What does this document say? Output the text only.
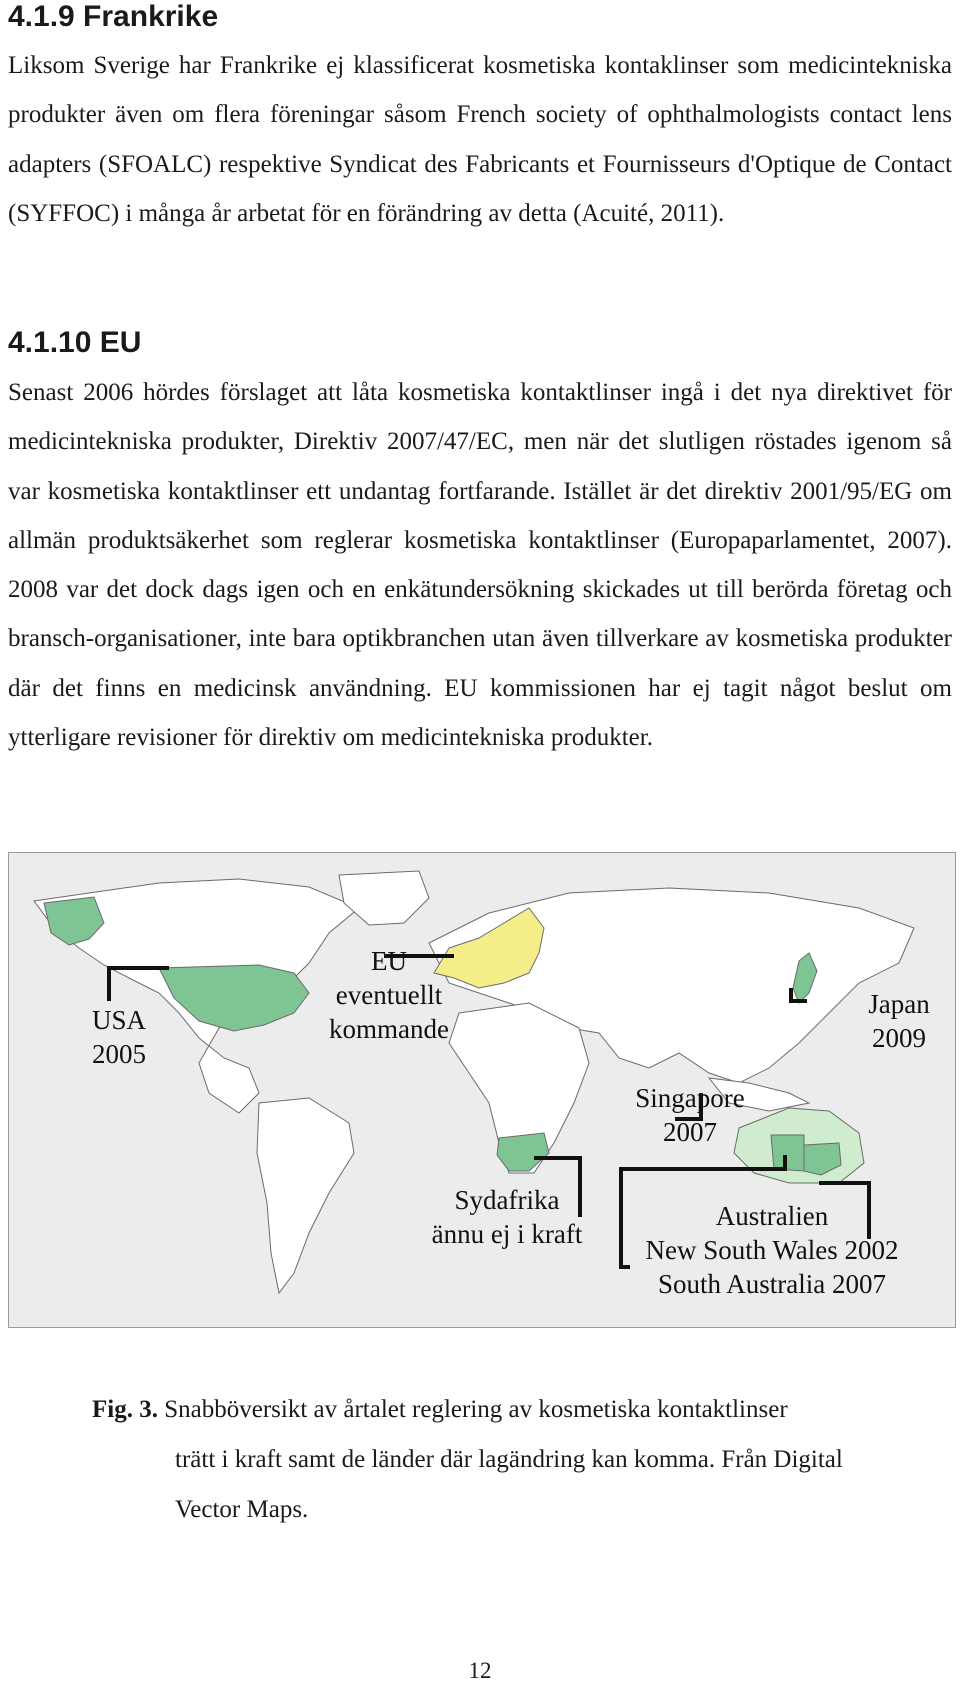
4.1.9 Frankrike

Liksom Sverige har Frankrike ej klassificerat kosmetiska kontaklinser som medicintekniska produkter även om flera föreningar såsom French society of ophthalmologists contact lens adapters (SFOALC) respektive Syndicat des Fabricants et Fournisseurs d'Optique de Contact (SYFFOC) i många år arbetat för en förändring av detta (Acuité, 2011).

4.1.10 EU

Senast 2006 hördes förslaget att låta kosmetiska kontaktlinser ingå i det nya direktivet för medicintekniska produkter, Direktiv 2007/47/EC, men när det slutligen röstades igenom så var kosmetiska kontaktlinser ett undantag fortfarande. Istället är det direktiv 2001/95/EG om allmän produktsäkerhet som reglerar kosmetiska kontaktlinser (Europaparlamentet, 2007). 2008 var det dock dags igen och en enkätundersökning skickades ut till berörda företag och bransch-organisationer, inte bara optikbranchen utan även tillverkare av kosmetiska produkter där det finns en medicinsk användning. EU kommissionen har ej tagit något beslut om ytterligare revisioner för direktiv om medicintekniska produkter.

USA
2005
EU
eventuellt
kommande
Japan
2009
Singapore
2007
Sydafrika
ännu ej i kraft
Australien
New South Wales 2002
South Australia 2007

Fig. 3. Snabböversikt av årtalet reglering av kosmetiska kontaktlinser
trätt i kraft samt de länder där lagändring kan komma. Från Digital
Vector Maps.

12
